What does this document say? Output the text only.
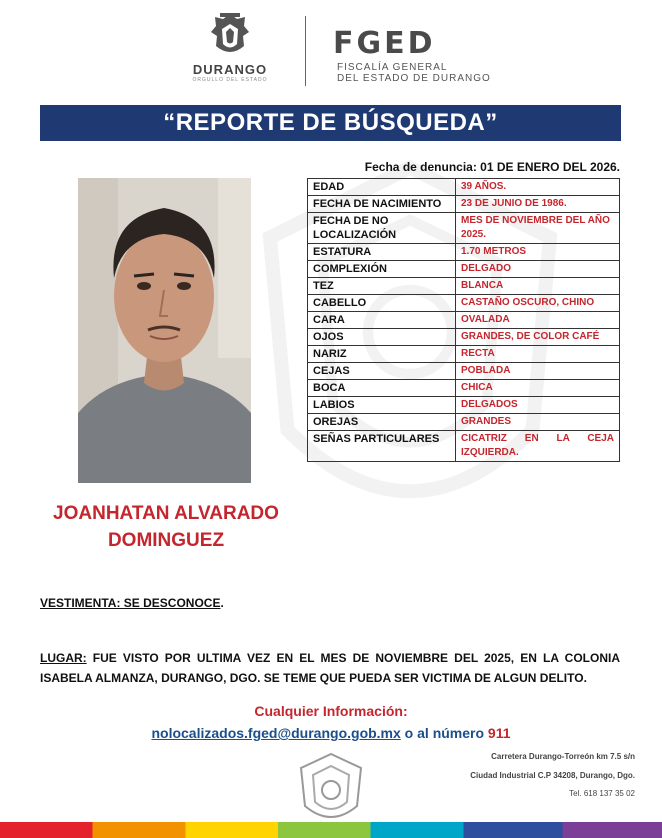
DURANGO
ORGULLO DEL ESTADO
FGED
FISCALÍA GENERAL
DEL ESTADO DE DURANGO
“REPORTE DE BÚSQUEDA”
Fecha de denuncia: 01 DE ENERO DEL 2026.
EDAD	39 AÑOS.
FECHA DE NACIMIENTO	23 DE JUNIO DE 1986.
FECHA DE NO LOCALIZACIÓN	MES DE NOVIEMBRE DEL AÑO 2025.
ESTATURA	1.70 METROS
COMPLEXIÓN	DELGADO
TEZ	BLANCA
CABELLO	CASTAÑO OSCURO, CHINO
CARA	OVALADA
OJOS	GRANDES, DE COLOR CAFÉ
NARIZ	RECTA
CEJAS	POBLADA
BOCA	CHICA
LABIOS	DELGADOS
OREJAS	GRANDES
SEÑAS PARTICULARES	CICATRIZ EN LA CEJA IZQUIERDA.
JOANHATAN ALVARADO
DOMINGUEZ
VESTIMENTA: SE DESCONOCE.
LUGAR: FUE VISTO POR ULTIMA VEZ EN EL MES DE NOVIEMBRE DEL 2025, EN LA COLONIA ISABELA ALMANZA, DURANGO, DGO. SE TEME QUE PUEDA SER VICTIMA DE ALGUN DELITO.
Cualquier Información:
nolocalizados.fged@durango.gob.mx o al número 911
Carretera Durango-Torreón km 7.5 s/n
Ciudad Industrial C.P 34208, Durango, Dgo.
Tel. 618 137 35 02
